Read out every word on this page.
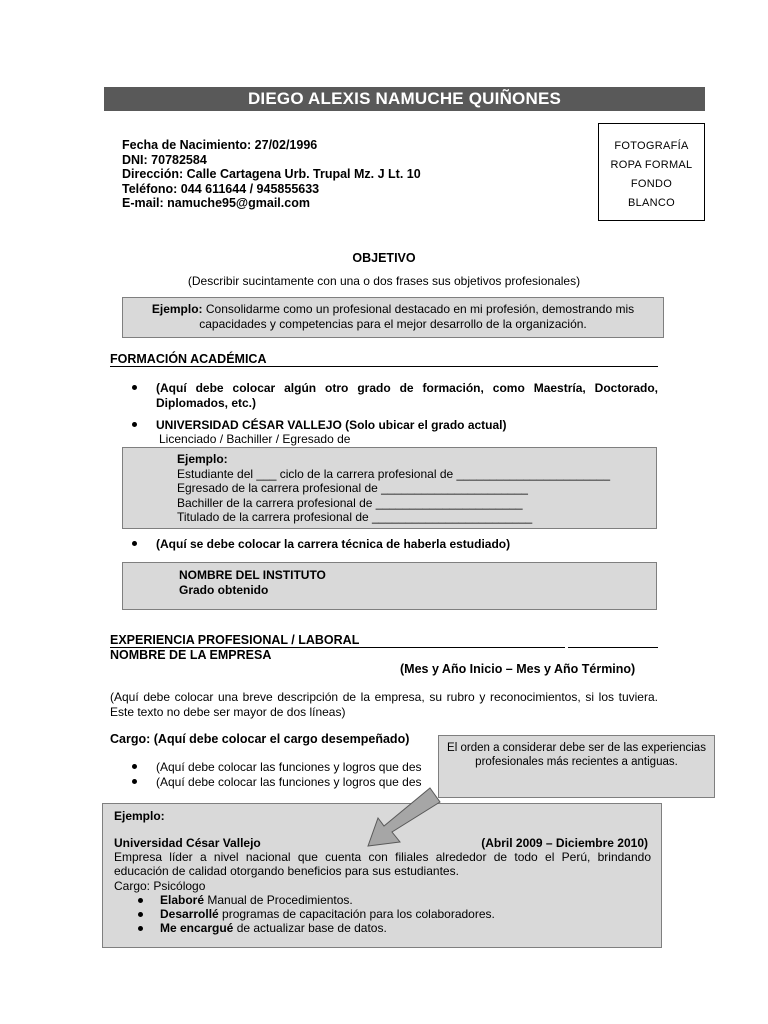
DIEGO ALEXIS NAMUCHE QUIÑONES
Fecha de Nacimiento: 27/02/1996
DNI: 70782584
Dirección: Calle Cartagena Urb. Trupal Mz. J Lt. 10
Teléfono: 044 611644 / 945855633
E-mail: namuche95@gmail.com
FOTOGRAFÍA
ROPA FORMAL
FONDO
BLANCO
OBJETIVO
(Describir sucintamente con una o dos frases sus objetivos profesionales)
Ejemplo: Consolidarme como un profesional destacado en mi profesión, demostrando mis capacidades y competencias para el mejor desarrollo de la organización.
FORMACIÓN ACADÉMICA
(Aquí debe colocar algún otro grado de formación, como Maestría, Doctorado, Diplomados, etc.)
UNIVERSIDAD CÉSAR VALLEJO (Solo ubicar el grado actual)
Licenciado / Bachiller / Egresado de
Ejemplo:
Estudiante del ___ ciclo de la carrera profesional de _______________________
Egresado de la carrera profesional de ______________________
Bachiller de la carrera profesional de ______________________
Titulado de la carrera profesional de ________________________
(Aquí se debe colocar la carrera técnica de haberla estudiado)
NOMBRE DEL INSTITUTO
Grado obtenido
EXPERIENCIA PROFESIONAL / LABORAL
NOMBRE DE LA EMPRESA
(Mes y Año Inicio – Mes y Año Término)
(Aquí debe colocar una breve descripción de la empresa, su rubro y reconocimientos, si los tuviera. Este texto no debe ser mayor de dos líneas)
Cargo: (Aquí debe colocar el cargo desempeñado)
(Aquí debe colocar las funciones y logros que des
(Aquí debe colocar las funciones y logros que des
El orden a considerar debe ser de las experiencias profesionales más recientes a antiguas.
Ejemplo:
Universidad César Vallejo	(Abril 2009 – Diciembre 2010)
Empresa líder a nivel nacional que cuenta con filiales alrededor de todo el Perú, brindando educación de calidad otorgando beneficios para sus estudiantes.
Cargo: Psicólogo
Elaboré Manual de Procedimientos.
Desarrollé programas de capacitación para los colaboradores.
Me encargué de actualizar base de datos.
